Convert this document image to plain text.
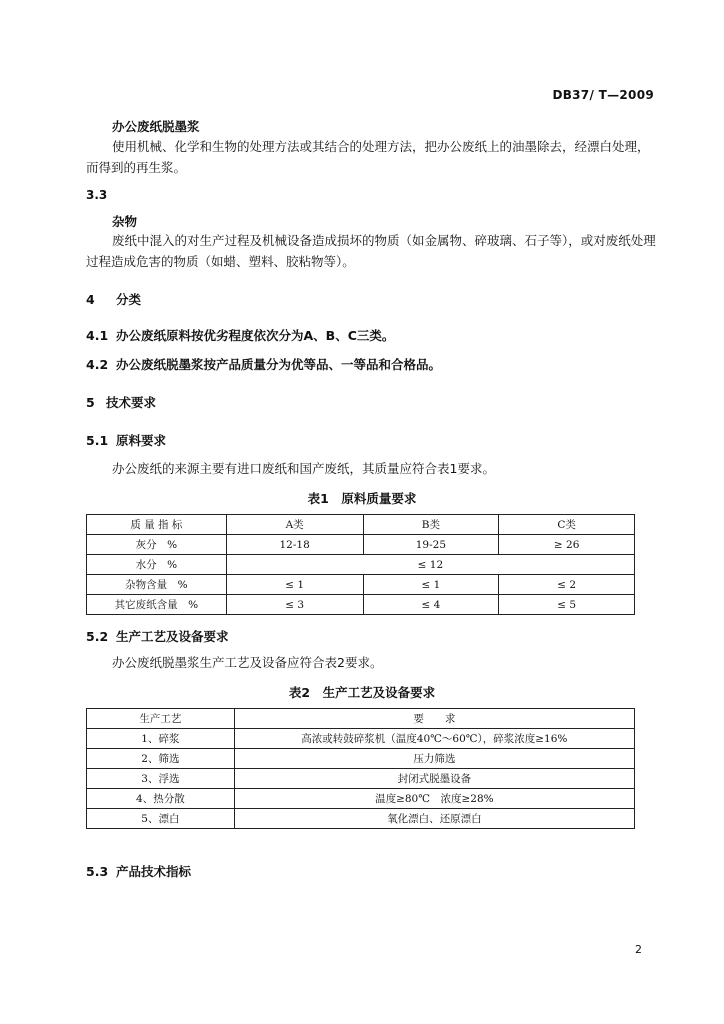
DB37/ T—2009
办公废纸脱墨浆
使用机械、化学和生物的处理方法或其结合的处理方法，把办公废纸上的油墨除去，经漂白处理，而得到的再生浆。
3.3
杂物
废纸中混入的对生产过程及机械设备造成损坏的物质（如金属物、碎玻璃、石子等），或对废纸处理过程造成危害的物质（如蜡、塑料、胶粘物等）。
4 分类
4.1 办公废纸原料按优劣程度依次分为A、B、C三类。
4.2 办公废纸脱墨浆按产品质量分为优等品、一等品和合格品。
5 技术要求
5.1 原料要求
办公废纸的来源主要有进口废纸和国产废纸，其质量应符合表1要求。
表1　原料质量要求
质 量 指 标	A类	B类	C类
灰分　%	12-18	19-25	≥ 26
水分　%	≤ 12		
杂物含量　%	≤ 1	≤ 1	≤ 2
其它废纸含量　%	≤ 3	≤ 4	≤ 5
5.2 生产工艺及设备要求
办公废纸脱墨浆生产工艺及设备应符合表2要求。
表2　生产工艺及设备要求
生产工艺	要　　求
1、碎浆	高浓或转鼓碎浆机（温度40℃～60℃），碎浆浓度≥16%
2、筛选	压力筛选
3、浮选	封闭式脱墨设备
4、热分散	温度≥80℃　浓度≥28%
5、漂白	氧化漂白、还原漂白
5.3 产品技术指标
2
